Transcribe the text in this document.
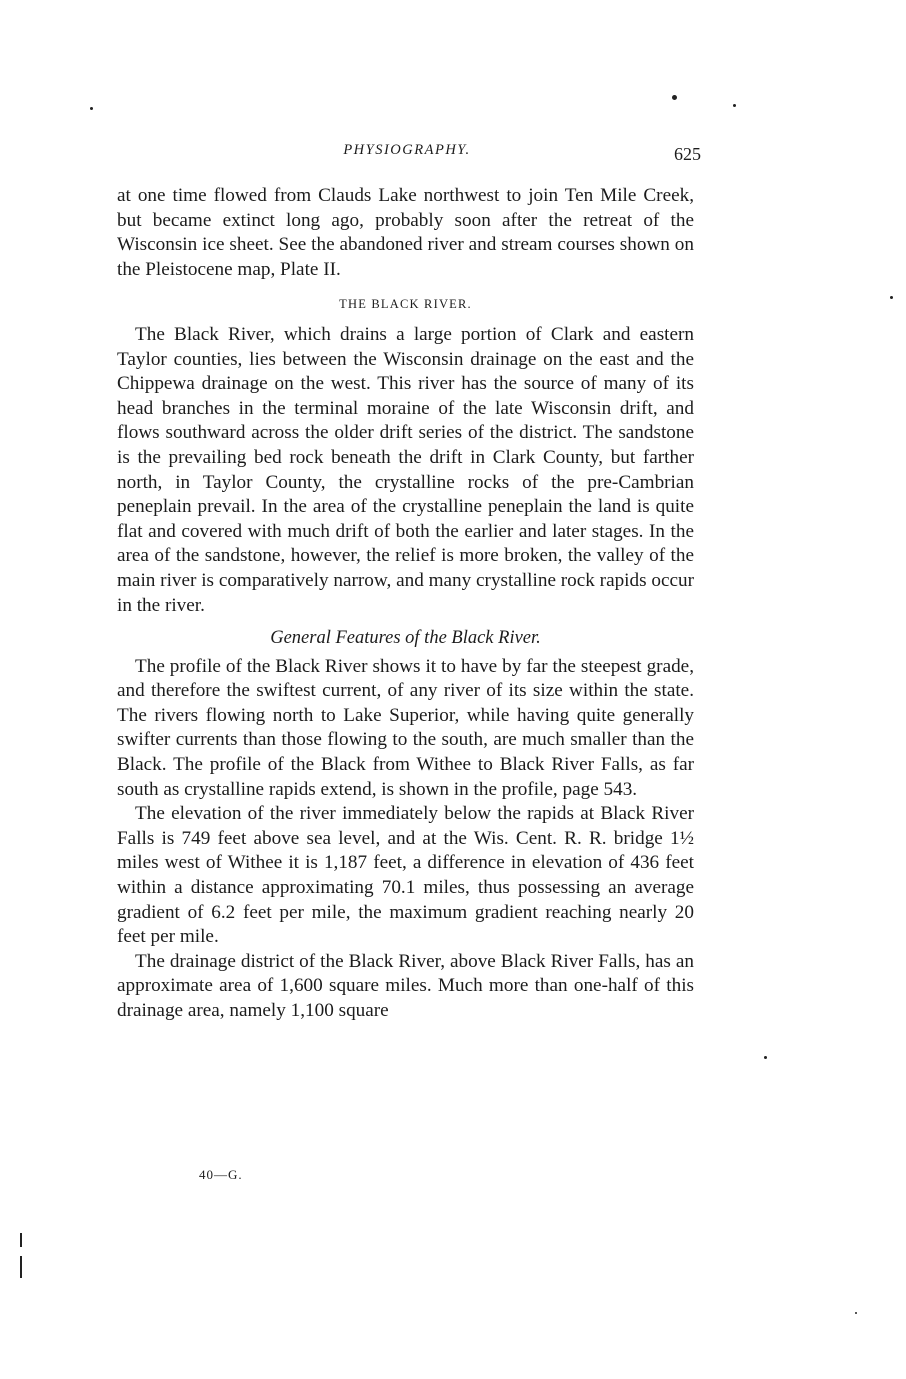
PHYSIOGRAPHY.	625

at one time flowed from Clauds Lake northwest to join Ten Mile Creek, but became extinct long ago, probably soon after the retreat of the Wisconsin ice sheet. See the abandoned river and stream courses shown on the Pleistocene map, Plate II.

THE BLACK RIVER.

The Black River, which drains a large portion of Clark and eastern Taylor counties, lies between the Wisconsin drainage on the east and the Chippewa drainage on the west. This river has the source of many of its head branches in the terminal moraine of the late Wisconsin drift, and flows southward across the older drift series of the district. The sandstone is the prevailing bed rock beneath the drift in Clark County, but farther north, in Taylor County, the crystalline rocks of the pre-Cambrian peneplain prevail. In the area of the crystalline peneplain the land is quite flat and covered with much drift of both the earlier and later stages. In the area of the sandstone, however, the relief is more broken, the valley of the main river is comparatively narrow, and many crystalline rock rapids occur in the river.

General Features of the Black River.

The profile of the Black River shows it to have by far the steepest grade, and therefore the swiftest current, of any river of its size within the state. The rivers flowing north to Lake Superior, while having quite generally swifter currents than those flowing to the south, are much smaller than the Black. The profile of the Black from Withee to Black River Falls, as far south as crystalline rapids extend, is shown in the profile, page 543.

The elevation of the river immediately below the rapids at Black River Falls is 749 feet above sea level, and at the Wis. Cent. R. R. bridge 1½ miles west of Withee it is 1,187 feet, a difference in elevation of 436 feet within a distance approximating 70.1 miles, thus possessing an average gradient of 6.2 feet per mile, the maximum gradient reaching nearly 20 feet per mile.

The drainage district of the Black River, above Black River Falls, has an approximate area of 1,600 square miles. Much more than one-half of this drainage area, namely 1,100 square

40—G.
